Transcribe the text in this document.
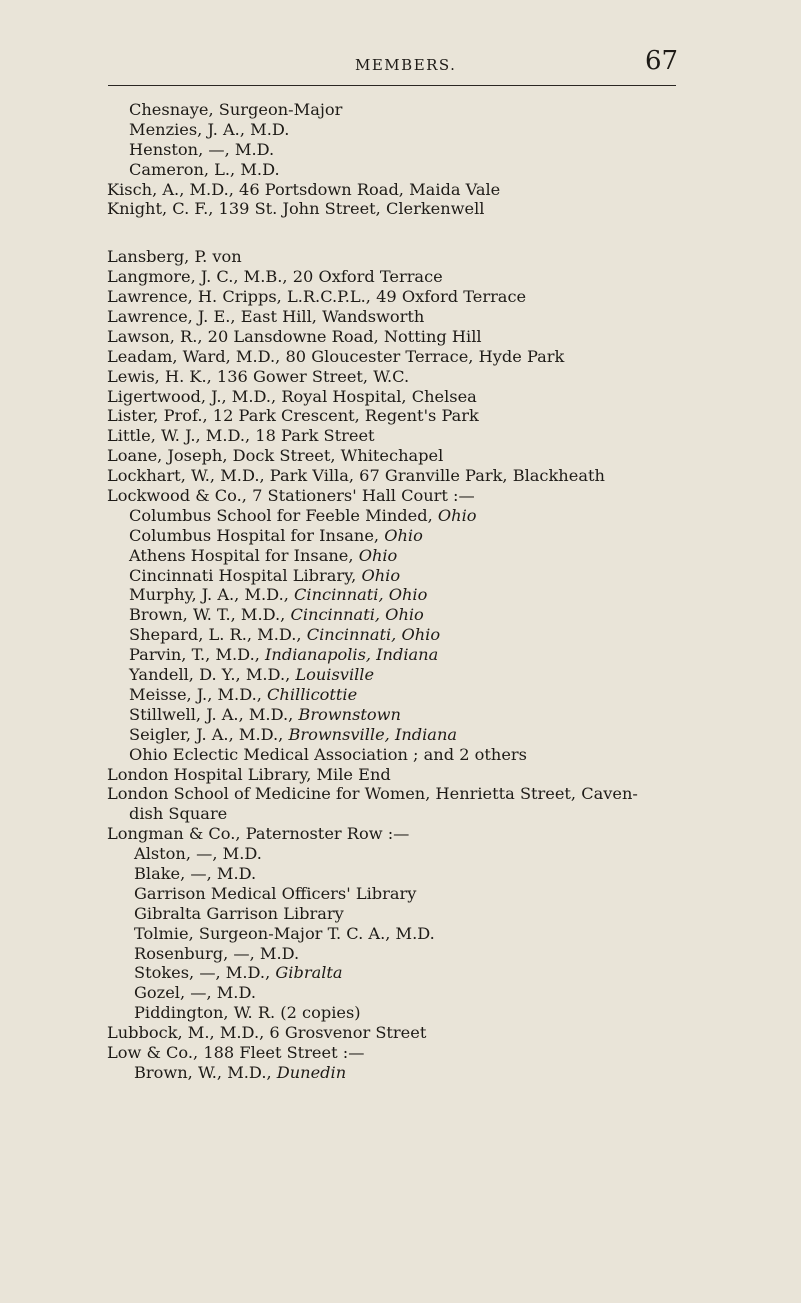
MEMBERS.	67
Chesnaye, Surgeon-Major
Menzies, J. A., M.D.
Henston, —, M.D.
Cameron, L., M.D.
Kisch, A., M.D., 46 Portsdown Road, Maida Vale
Knight, C. F., 139 St. John Street, Clerkenwell
Lansberg, P. von
Langmore, J. C., M.B., 20 Oxford Terrace
Lawrence, H. Cripps, L.R.C.P.L., 49 Oxford Terrace
Lawrence, J. E., East Hill, Wandsworth
Lawson, R., 20 Lansdowne Road, Notting Hill
Leadam, Ward, M.D., 80 Gloucester Terrace, Hyde Park
Lewis, H. K., 136 Gower Street, W.C.
Ligertwood, J., M.D., Royal Hospital, Chelsea
Lister, Prof., 12 Park Crescent, Regent's Park
Little, W. J., M.D., 18 Park Street
Loane, Joseph, Dock Street, Whitechapel
Lockhart, W., M.D., Park Villa, 67 Granville Park, Blackheath
Lockwood & Co., 7 Stationers' Hall Court :—
Columbus School for Feeble Minded, Ohio
Columbus Hospital for Insane, Ohio
Athens Hospital for Insane, Ohio
Cincinnati Hospital Library, Ohio
Murphy, J. A., M.D., Cincinnati, Ohio
Brown, W. T., M.D., Cincinnati, Ohio
Shepard, L. R., M.D., Cincinnati, Ohio
Parvin, T., M.D., Indianapolis, Indiana
Yandell, D. Y., M.D., Louisville
Meisse, J., M.D., Chillicottie
Stillwell, J. A., M.D., Brownstown
Seigler, J. A., M.D., Brownsville, Indiana
Ohio Eclectic Medical Association ; and 2 others
London Hospital Library, Mile End
London School of Medicine for Women, Henrietta Street, Caven-
dish Square
Longman & Co., Paternoster Row :—
Alston, —, M.D.
Blake, —, M.D.
Garrison Medical Officers' Library
Gibralta Garrison Library
Tolmie, Surgeon-Major T. C. A., M.D.
Rosenburg, —, M.D.
Stokes, —, M.D., Gibralta
Gozel, —, M.D.
Piddington, W. R. (2 copies)
Lubbock, M., M.D., 6 Grosvenor Street
Low & Co., 188 Fleet Street :—
Brown, W., M.D., Dunedin
